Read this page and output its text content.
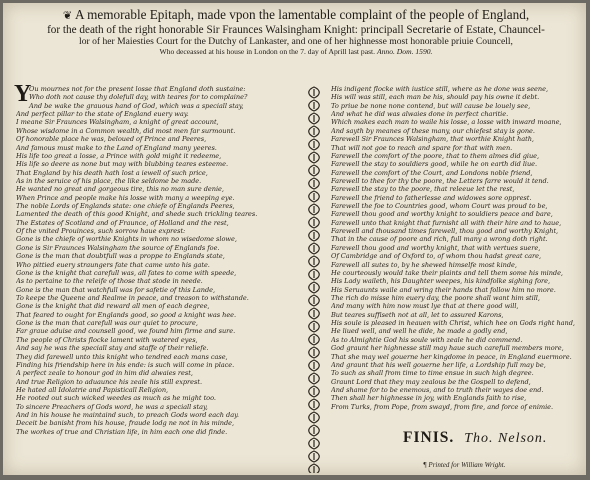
❦ A memorable Epitaph, made vpon the lamentable complaint of the people of England,
for the death of the right honorable Sir Fraunces Walsingham Knight: principall Secretarie of Estate, Chauncel-
lor of her Maiesties Court for the Dutchy of Lankaster, and one of her highnesse most honorable priuie Councell,
Who deceassed at his house in London on the 7. day of Aprill last past. Anno. Dom. 1590.
Y
Ou mournes not for the present losse that England doth sustaine:
Who doth not cause thy dolefull day, with teares for to complaine?
And be wake the grauous hand of God, which was a speciall stay,
And perfect pillar to the state of England euery way.
I meane Sir Fraunces Walsingham, a knight of great account,
Whose wisdome in a Common wealth, did most men far surmount.
Of honorable place he was, beloued of Prince and Peeres,
And famous must make to the Land of England many yeeres.
His life too great a losse, a Prince with gold might it redeeme,
His life so deere as none but may with blubbing teares esteeme.
That England by his death hath lost a iewell of such price,
As in the seruice of his place, the like seldome be made.
He wanted no great and gorgeous tire, this no man sure denie,
When Prince and people make his losse with many a weeping eye.
The noble Lords of Englands state: one chiefe of Englands Peeres,
Lamented the death of this good Knight, and shede such trickling teares.
The Estates of Scotland and of Fraunce, of Holland and the rest,
Of the vnited Prouinces, such sorrow haue exprest:
Gone is the chiefe of worthie Knights in whom no wisedome slowe,
Gone is Sir Fraunces Walsingham the source of Englands foe.
Gone is the man that doubtfull was a proppe to Englands state,
Who pittied euery straungers fate that came unto his gate.
Gone is the knight that carefull was, all fates to come with speede,
As to pertaine to the releife of those that stode in neede.
Gone is the man that watchfull was for safetie of this Lande,
To keepe the Queene and Realme in peace, and treason to withstande.
Gone is the knight that did reward all men of each degree,
That feared to ought for Englands good, so good a knight was hee.
Gone is the man that carefull was our quiet to procure,
Far graue aduise and counsell good, we found him firme and sure.
The people of Christs flocke lament with watered eyes,
And say he was the speciall stay and staffe of their reliefe.
They did farewell unto this knight who tendred each mans case,
Finding his friendship here in his ende: is such will come in place.
A perfect zeale to honour god in him did alwaies rest,
And true Religion to aduaunce his zeale his still exprest.
He hated all Idolatrie and Papisticall Religion,
He rooted out such wicked weedes as much as he might too.
To sincere Preachers of Gods word, he was a speciall stay,
And in his house he maintaind such, to preach Gods word each day.
Deceit be banisht from his house, fraude lodg ne not in his minde,
The workes of true and Christian life, in him each one did finde.
His indigent flocke with iustice still, where as he done was seene,
His will was still, each man be his, should pay his owne it debt.
To priue be none none contend, but will cause be louely see,
And what he did was alwaies done in perfect charitie.
Which makes each man to waile his losse, a losse with inward moane,
And sayth by meanes of these many, our chiefest stay is gone.
Farewell Sir Fraunces Walsingham, that worthie Knight hath,
That will not goe to reach and spare for that with men.
Farewell the comfort of the poore, that to them almes did giue,
Farewell the stay to souldiers good, while he on earth did liue.
Farewell the comfort of the Court, and Londons noble friend,
Farewell to thee for thy the poore, the Letters farre would it tend.
Farewell the stay to the poore, that releeue let the rest,
Farewell the friend to fatherlesse and widowes sore opprest.
Farewell the foe to Countries good, whom Court was proud to be,
Farewell thou good and worthy knight to souldiers peace and bare,
Farewell unto that knight that furnisht all with their hire and to haue,
Farewell and thousand times farewell, thou good and worthy Knight,
That in the cause of poore and rich, full many a wrong doth right.
Farewell thou good and worthy knight, that with vertues suere,
Of Cambridge and of Oxford to, of whom thou hadst great care,
Farewell all sutes to, by he shewed himselfe most kinde,
He courteously would take their plaints and tell them some his minde,
His Lady waileth, his Daughter weepes, his kindfolke sighing fore,
His Seruaunts waile and wring their hands that follow him no more.
The rich do misse him euery day, the poore shall want him still,
And many with him now must lye that at there good will,
But teares suffiseth not at all, let to assured Karons,
His soule is pleased in heauen with Christ, which hee on Gods right hand,
He liued well, and well he dide, he made a godly end,
As to Almightie God his soule with zeale he did commend.
God graunt her highnesse still may haue such carefull members more,
That she may wel gouerne her kingdome in peace, in England euermore.
And graunt that his well gouerne her life, a Lordship full may be,
To such as shall from time to time ensue in such high degree.
Graunt Lord that they may zealous be the Gospell to defend,
And shame for to be enemous, and to truth their wayes doe end.
Then shall her highnesse in joy, with Englands faith to rise,
From Turks, from Pope, from swayd, from fire, and force of enimie.
FINIS. Tho. Nelson.
¶ Printed for William Wright.
